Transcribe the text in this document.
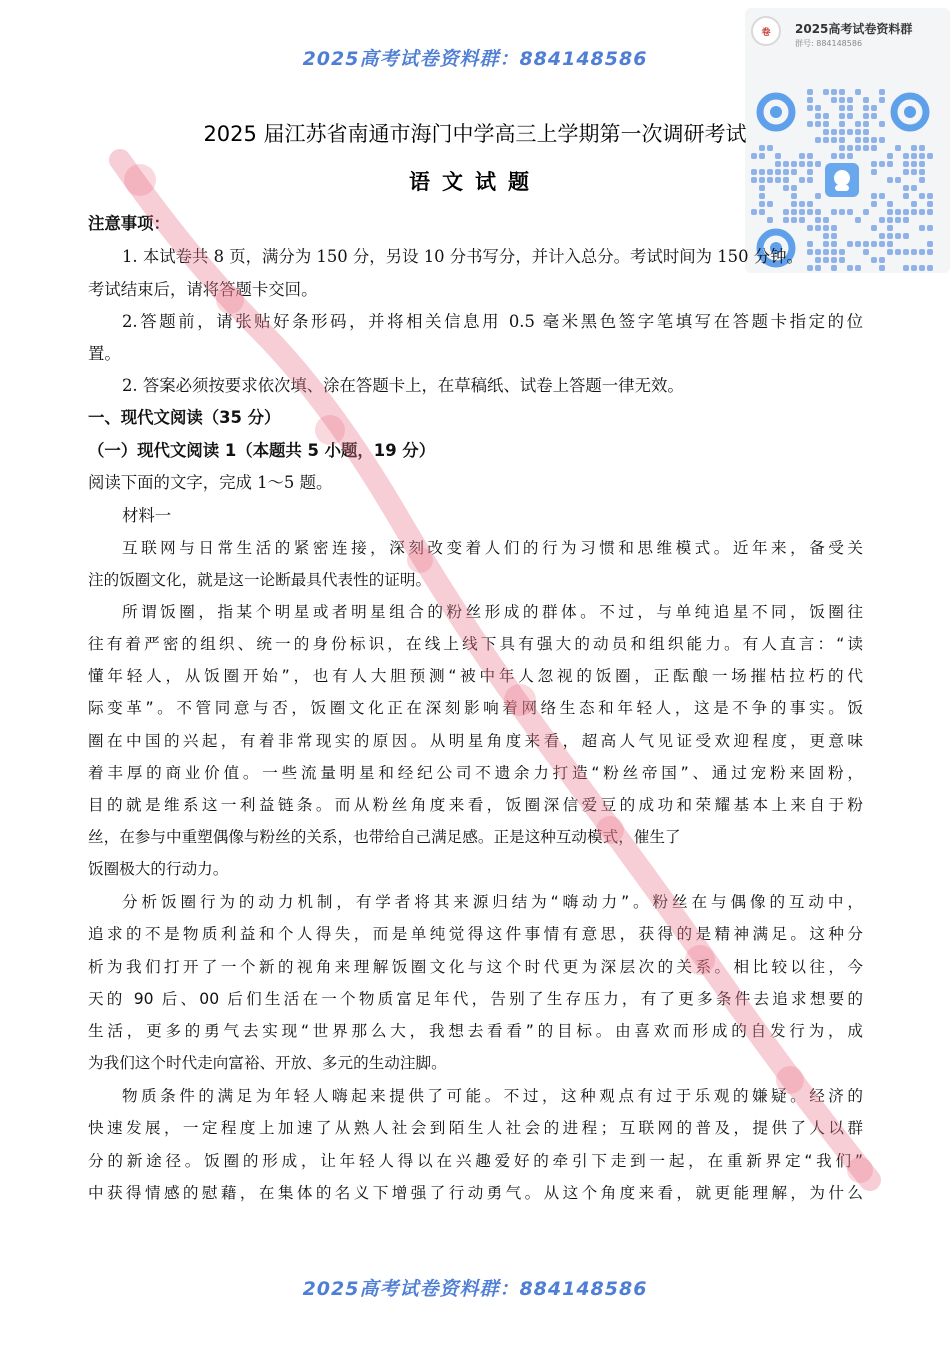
2025高考试卷资料群：884148586
卷	2025高考试卷资料群
群号: 884148586
2025 届江苏省南通市海门中学高三上学期第一次调研考试
语文试题
注意事项：
1. 本试卷共 8 页，满分为 150 分，另设 10 分书写分，并计入总分。考试时间为 150 分钟。
考试结束后，请将答题卡交回。
2.答题前，请张贴好条形码，并将相关信息用 0.5 毫米黑色签字笔填写在答题卡指定的位
置。
2. 答案必须按要求依次填、涂在答题卡上，在草稿纸、试卷上答题一律无效。
一、现代文阅读（35 分）
（一）现代文阅读 1（本题共 5 小题，19 分）
阅读下面的文字，完成 1～5 题。
材料一
互联网与日常生活的紧密连接，深刻改变着人们的行为习惯和思维模式。近年来，备受关
注的饭圈文化，就是这一论断最具代表性的证明。
所谓饭圈，指某个明星或者明星组合的粉丝形成的群体。不过，与单纯追星不同，饭圈往
往有着严密的组织、统一的身份标识，在线上线下具有强大的动员和组织能力。有人直言：“读
懂年轻人，从饭圈开始”，也有人大胆预测“被中年人忽视的饭圈，正酝酿一场摧枯拉朽的代
际变革”。不管同意与否，饭圈文化正在深刻影响着网络生态和年轻人，这是不争的事实。饭
圈在中国的兴起，有着非常现实的原因。从明星角度来看，超高人气见证受欢迎程度，更意味
着丰厚的商业价值。一些流量明星和经纪公司不遗余力打造“粉丝帝国”、通过宠粉来固粉，
目的就是维系这一利益链条。而从粉丝角度来看，饭圈深信爱豆的成功和荣耀基本上来自于粉
丝，在参与中重塑偶像与粉丝的关系，也带给自己满足感。正是这种互动模式，催生了
饭圈极大的行动力。
分析饭圈行为的动力机制，有学者将其来源归结为“嗨动力”。粉丝在与偶像的互动中，
追求的不是物质利益和个人得失，而是单纯觉得这件事情有意思，获得的是精神满足。这种分
析为我们打开了一个新的视角来理解饭圈文化与这个时代更为深层次的关系。相比较以往，今
天的 90 后、00 后们生活在一个物质富足年代，告别了生存压力，有了更多条件去追求想要的
生活，更多的勇气去实现“世界那么大，我想去看看”的目标。由喜欢而形成的自发行为，成
为我们这个时代走向富裕、开放、多元的生动注脚。
物质条件的满足为年轻人嗨起来提供了可能。不过，这种观点有过于乐观的嫌疑。经济的
快速发展，一定程度上加速了从熟人社会到陌生人社会的进程；互联网的普及，提供了人以群
分的新途径。饭圈的形成，让年轻人得以在兴趣爱好的牵引下走到一起，在重新界定“我们”
中获得情感的慰藉，在集体的名义下增强了行动勇气。从这个角度来看，就更能理解，为什么
2025高考试卷资料群：884148586
